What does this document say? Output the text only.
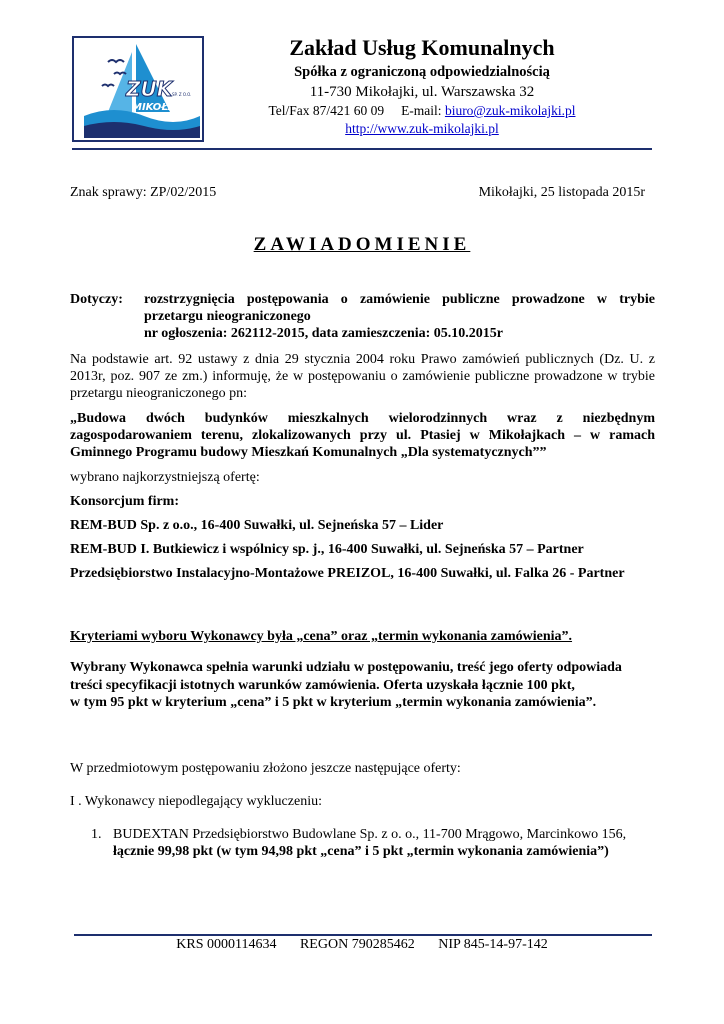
ZUK
MIKOŁAJKI
SP. Z O.O.
Zakład Usług Komunalnych
Spółka z ograniczoną odpowiedzialnością
11-730 Mikołajki, ul. Warszawska 32
Tel/Fax 87/421 60 09 E-mail: biuro@zuk-mikolajki.pl
http://www.zuk-mikolajki.pl
Znak sprawy: ZP/02/2015	Mikołajki, 25 listopada 2015r
ZAWIADOMIENIE
Dotyczy: rozstrzygnięcia postępowania o zamówienie publiczne prowadzone w trybie
przetargu nieograniczonego
nr ogłoszenia: 262112-2015, data zamieszczenia: 05.10.2015r
Na podstawie art. 92 ustawy z dnia 29 stycznia 2004 roku Prawo zamówień publicznych (Dz. U. z 2013r, poz. 907 ze zm.) informuję, że w postępowaniu o zamówienie publiczne prowadzone w trybie przetargu nieograniczonego pn:
„Budowa dwóch budynków mieszkalnych wielorodzinnych wraz z niezbędnym zagospodarowaniem terenu, zlokalizowanych przy ul. Ptasiej w Mikołajkach – w ramach Gminnego Programu budowy Mieszkań Komunalnych „Dla systematycznych””
wybrano najkorzystniejszą ofertę:
Konsorcjum firm:
REM-BUD Sp. z o.o., 16-400 Suwałki, ul. Sejneńska 57 – Lider
REM-BUD I. Butkiewicz i wspólnicy sp. j., 16-400 Suwałki, ul. Sejneńska 57 – Partner
Przedsiębiorstwo Instalacyjno-Montażowe PREIZOL, 16-400 Suwałki, ul. Falka 26 - Partner
Kryteriami wyboru Wykonawcy była „cena” oraz „termin wykonania zamówienia”.
Wybrany Wykonawca spełnia warunki udziału w postępowaniu, treść jego oferty odpowiada
treści specyfikacji istotnych warunków zamówienia. Oferta uzyskała łącznie 100 pkt,
w tym 95 pkt w kryterium „cena” i 5 pkt w kryterium „termin wykonania zamówienia”.
W przedmiotowym postępowaniu złożono jeszcze następujące oferty:
I . Wykonawcy niepodlegający wykluczeniu:
1. BUDEXTAN Przedsiębiorstwo Budowlane Sp. z o. o., 11-700 Mrągowo, Marcinkowo 156,
łącznie 99,98 pkt (w tym 94,98 pkt „cena” i 5 pkt „termin wykonania zamówienia”)
KRS 0000114634 REGON 790285462 NIP 845-14-97-142
